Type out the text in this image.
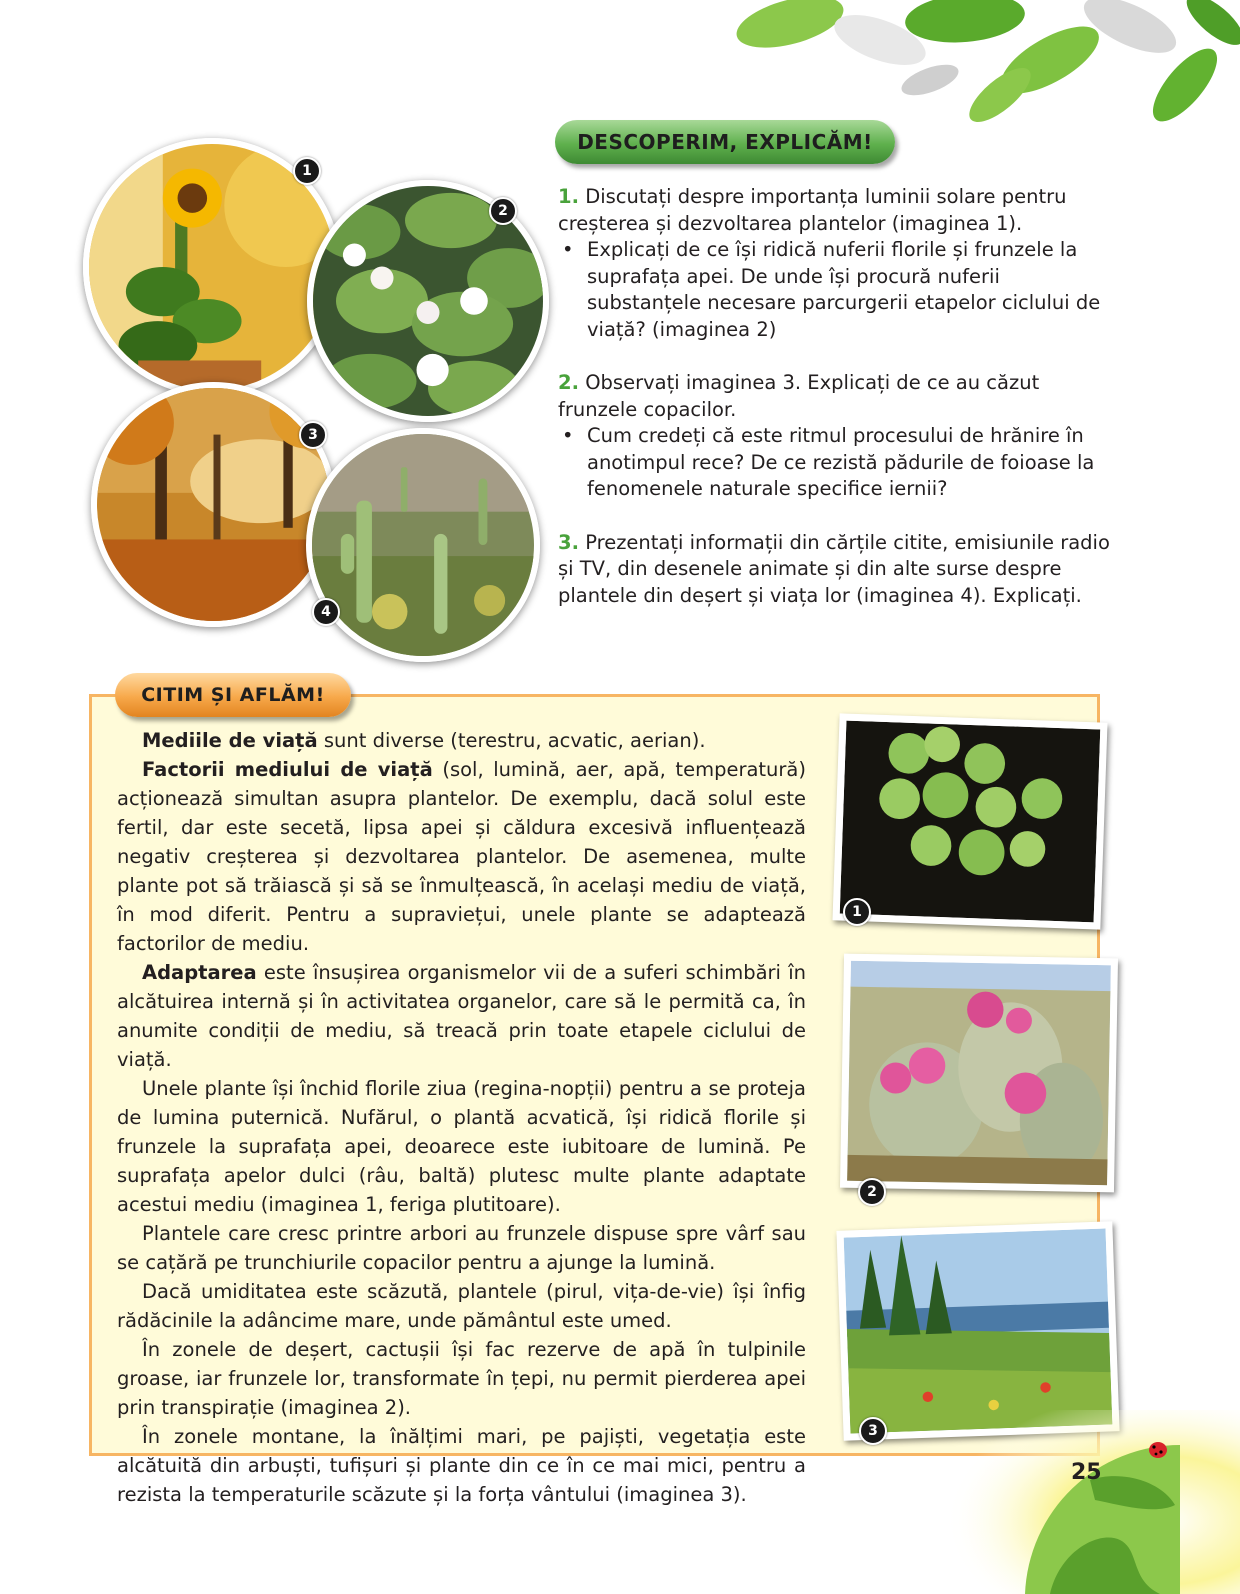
DESCOPERIM, EXPLICĂM!
1
2
3
4

1. Discutați despre importanța luminii solare pentru creșterea și dezvoltarea plantelor (imaginea 1).

• Explicați de ce își ridică nuferii florile și frunzele la suprafața apei. De unde își procură nuferii substanțele necesare parcurgerii etapelor ciclului de viață? (imaginea 2)

2. Observați imaginea 3. Explicați de ce au căzut frunzele copacilor.

• Cum credeți că este ritmul procesului de hrănire în anotimpul rece? De ce rezistă pădurile de foioase la fenomenele naturale specifice iernii?

3. Prezentați informații din cărțile citite, emisiunile radio și TV, din desenele animate și din alte surse despre plantele din deșert și viața lor (imaginea 4). Explicați.

CITIM ȘI AFLĂM!

Mediile de viață sunt diverse (terestru, acvatic, aerian).

Factorii mediului de viață (sol, lumină, aer, apă, temperatură) acționează simultan asupra plantelor. De exemplu, dacă solul este fertil, dar este secetă, lipsa apei și căldura excesivă influențează negativ creșterea și dezvoltarea plantelor. De asemenea, multe plante pot să trăiască și să se înmulțească, în același mediu de viață, în mod diferit. Pentru a supraviețui, unele plante se adaptează factorilor de mediu.

Adaptarea este însușirea organismelor vii de a suferi schimbări în alcătuirea internă și în activitatea organelor, care să le permită ca, în anumite condiții de mediu, să treacă prin toate etapele ciclului de viață.

Unele plante își închid florile ziua (regina-nopții) pentru a se proteja de lumina puternică. Nufărul, o plantă acvatică, își ridică florile și frunzele la suprafața apei, deoarece este iubitoare de lumină. Pe suprafața apelor dulci (râu, baltă) plutesc multe plante adaptate acestui mediu (imaginea 1, feriga plutitoare).

Plantele care cresc printre arbori au frunzele dispuse spre vârf sau se cațără pe trunchiurile copacilor pentru a ajunge la lumină.

Dacă umiditatea este scăzută, plantele (pirul, vița-de-vie) își înfig rădăcinile la adâncime mare, unde pământul este umed.

În zonele de deșert, cactușii își fac rezerve de apă în tulpinile groase, iar frunzele lor, transformate în țepi, nu permit pierderea apei prin transpirație (imaginea 2).

În zonele montane, la înălțimi mari, pe pajiști, vegetația este alcătuită din arbuști, tufișuri și plante din ce în ce mai mici, pentru a rezista la temperaturile scăzute și la forța vântului (imaginea 3).

1
2
3
25
